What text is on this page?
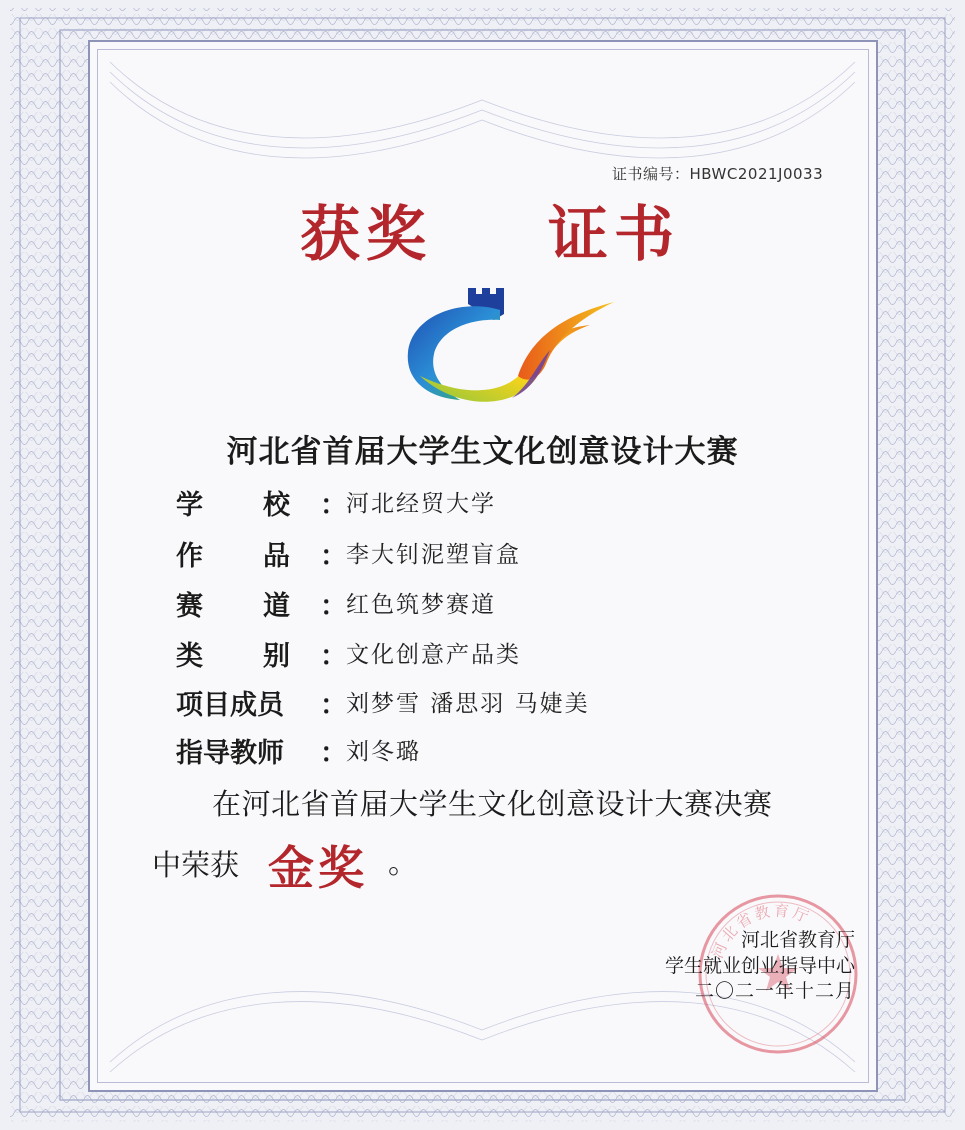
证书编号：HBWC2021J0033
获奖 证书
河北省首届大学生文化创意设计大赛
学 校 ： 河北经贸大学
作 品 ： 李大钊泥塑盲盒
赛 道 ： 红色筑梦赛道
类 别 ： 文化创意产品类
项目成员	： 刘梦雪 潘思羽 马婕美
指导教师	： 刘冬璐
在河北省首届大学生文化创意设计大赛决赛
中荣获 金奖 。
河北省教育厅
河北省教育厅
学生就业创业指导中心
二〇二一年十二月
